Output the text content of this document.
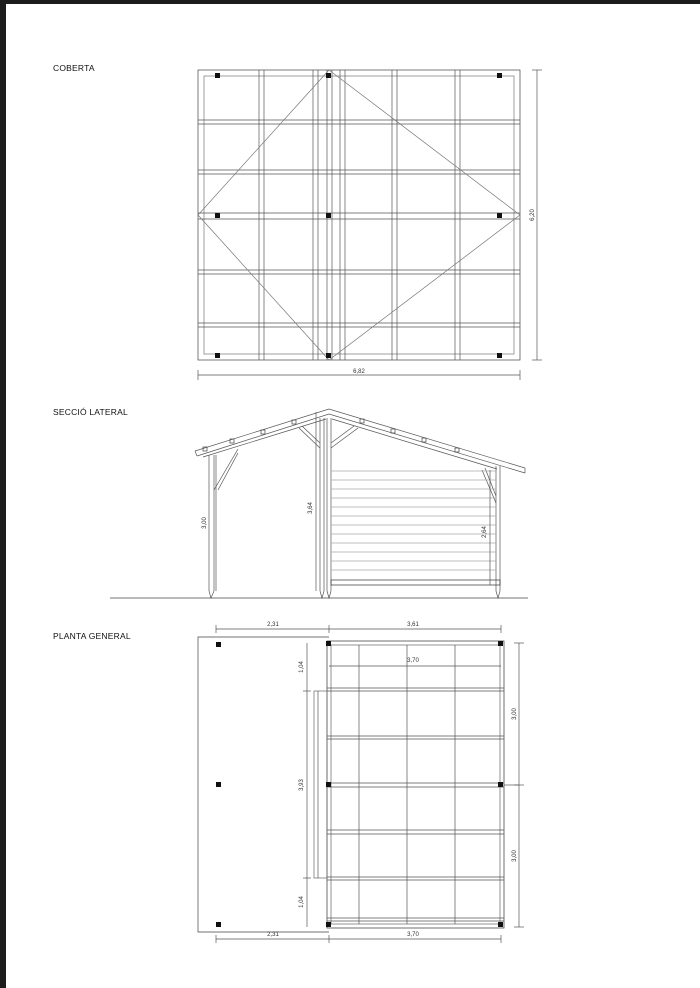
COBERTA
SECCIÓ LATERAL
PLANTA GENERAL
6,82
6,20
3,00
3,64
2,64
2,31	3,61
3,70
1,04
3,93
1,04
3,00
3,00
2,31	3,70
